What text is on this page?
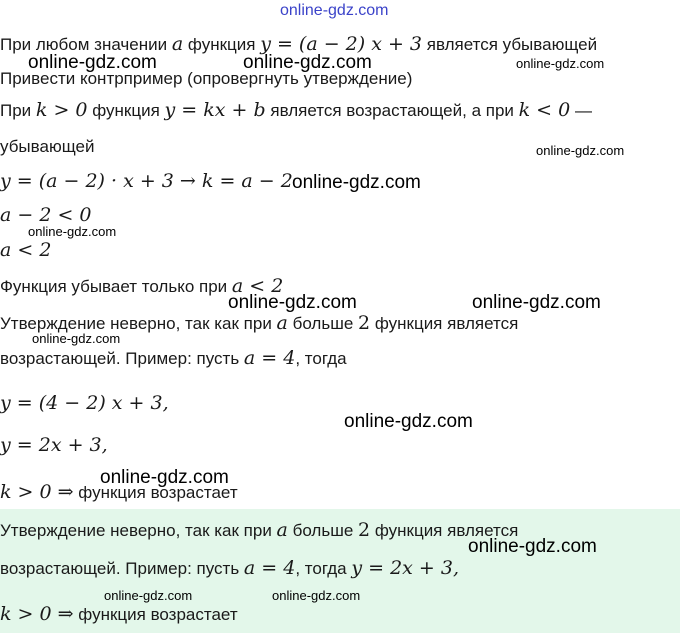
online-gdz.com
При любом значении a функция y = (a − 2) x + 3 является убывающей
Привести контрпример (опровергнуть утверждение)
При k > 0 функция y = kx + b является возрастающей, а при k < 0 —
убывающей
y = (a − 2) · x + 3 → k = a − 2
a − 2 < 0
a < 2
Функция убывает только при a < 2
Утверждение неверно, так как при a больше 2 функция является
возрастающей. Пример: пусть a = 4, тогда
y = (4 − 2) x + 3,
y = 2x + 3,
k > 0 ⇒ функция возрастает
Утверждение неверно, так как при a больше 2 функция является
возрастающей. Пример: пусть a = 4, тогда y = 2x + 3,
k > 0 ⇒ функция возрастает
online-gdz.com	online-gdz.com	online-gdz.com
online-gdz.com
online-gdz.com
online-gdz.com
online-gdz.com	online-gdz.com
online-gdz.com
online-gdz.com
online-gdz.com
online-gdz.com
online-gdz.com	online-gdz.com
